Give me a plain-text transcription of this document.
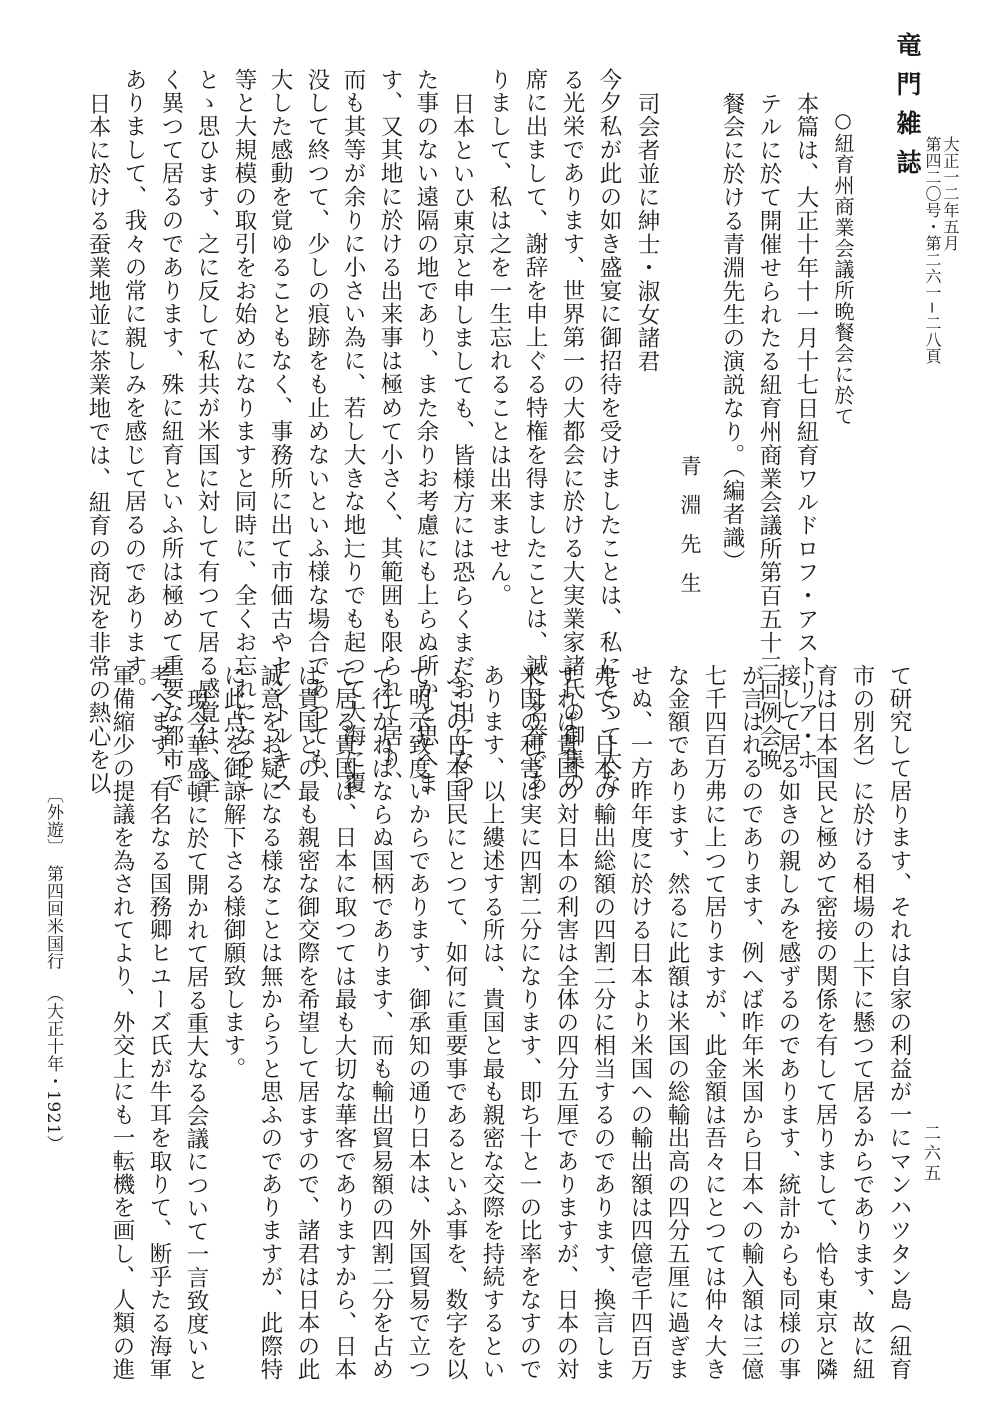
竜門雑誌
第四二〇号・第二六一−二八頁 大正一二年五月
○紐育州商業会議所晩餐会に於て
本篇は、大正十年十一月十七日紐育ワルドロフ・アストリア・ホ
テルに於て開催せられたる紐育州商業会議所第百五十三回例会晩
餐会に於ける青淵先生の演説なり。（編者識）
青淵先生
司会者並に紳士・淑女諸君
今夕私が此の如き盛宴に御招待を受けましたことは、私にとつて大な
る光栄であります、世界第一の大都会に於ける大実業家諸氏の御集の
席に出まして、謝辞を申上ぐる特権を得ましたことは、誠に名誉であ
りまして、私は之を一生忘れることは出来ません。
日本といひ東京と申しましても、皆様方には恐らくまだお出になつ
た事のない遠隔の地であり、また余りお考慮にも上らぬ所かと思へま
す、又其地に於ける出来事は極めて小さく、其範囲も限られて居り、
而も其等が余りに小さい為に、若し大きな地辷りでも起つて大海に覆
没して終つて、少しの痕跡をも止めないといふ様な場合であつても、
大した感動を覚ゆることもなく、事務所に出て市価古やセントルキス
等と大規模の取引をお始めになりますと同時に、全くお忘れになるこ
とゝ思ひます、之に反して私共が米国に対して有つて居る感覚は、全
く異つて居るのであります、殊に紐育といふ所は極めて重要な都市で
ありまして、我々の常に親しみを感じて居るのであります。
日本に於ける蚕業地並に茶業地では、紐育の商況を非常の熱心を以
て研究して居ります、それは自家の利益が一にマンハツタン島（紐育
市の別名）に於ける相場の上下に懸つて居るからであります、故に紐
育は日本国民と極めて密接の関係を有して居りまして、恰も東京と隣
接して居る如きの親しみを感ずるのであります、統計からも同様の事
が言はれるのであります、例へば昨年米国から日本への輸入額は三億
七千四百万弗に上つて居りますが、此金額は吾々にとつては仲々大き
な金額であります、然るに此額は米国の総輸出高の四分五厘に過ぎま
せぬ、一方昨年度に於ける日本より米国への輸出額は四億壱千四百万
弗で、日本の輸出総額の四割二分に相当するのであります、換言しま
すれば貴国の対日本の利害は全体の四分五厘でありますが、日本の対
米国の利害は実に四割二分になります、即ち十と一の比率をなすので
あります、以上縷述する所は、貴国と最も親密な交際を持続するとい
ふこの日本国民にとつて、如何に重要事であるといふ事を、数字を以
て明示致度いからであります、御承知の通り日本は、外国貿易で立つ
て行かねばならぬ国柄であります、而も輸出貿易額の四割二分を占め
て居る貴国は、日本に取つては最も大切な華客でありますから、日本
は貴国との最も親密な御交際を希望して居ますので、諸君は日本の此
誠意をお疑になる様なことは無からうと思ふのでありますが、此際特
に此点を御諒解下さる様御願致します。
現今華盛頓に於て開かれて居る重大なる会議について一言致度いと
考へます、有名なる国務卿ヒユーズ氏が牛耳を取りて、断乎たる海軍
軍備縮少の提議を為されてより、外交上にも一転機を画し、人類の進
〔外遊〕
第四回米国行
（大正十年・1921）
二六五
